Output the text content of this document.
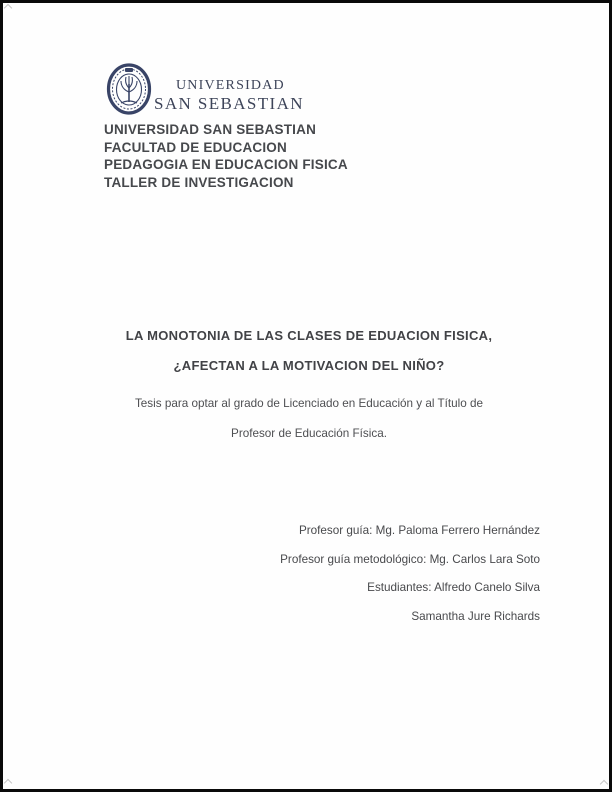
UNIVERSIDAD
SAN SEBASTIAN
UNIVERSIDAD SAN SEBASTIAN
FACULTAD DE EDUCACION
PEDAGOGIA EN EDUCACION FISICA
TALLER DE INVESTIGACION
LA MONOTONIA DE LAS CLASES DE EDUACION FISICA,
¿AFECTAN A LA MOTIVACION DEL NIÑO?
Tesis para optar al grado de Licenciado en Educación y al Título de
Profesor de Educación Física.
Profesor guía: Mg. Paloma Ferrero Hernández
Profesor guía metodológico: Mg. Carlos Lara Soto
Estudiantes: Alfredo Canelo Silva
Samantha Jure Richards
